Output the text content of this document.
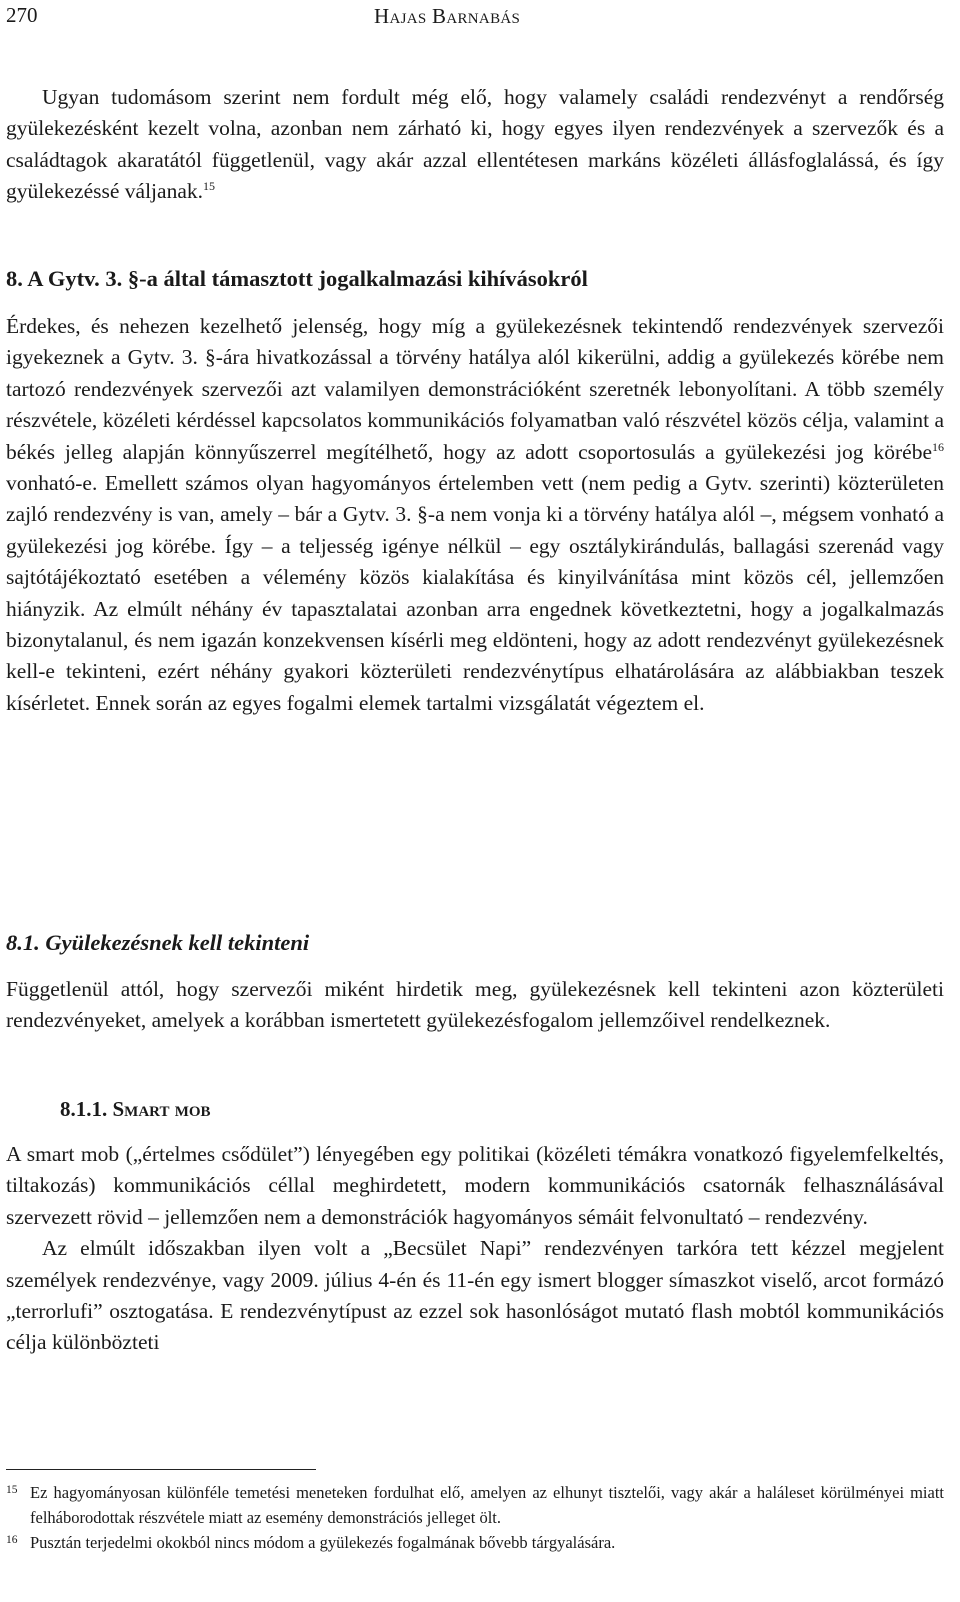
270	Hajas Barnabás

Ugyan tudomásom szerint nem fordult még elő, hogy valamely családi rendezvényt a rendőrség gyülekezésként kezelt volna, azonban nem zárható ki, hogy egyes ilyen rendezvények a szervezők és a családtagok akaratától függetlenül, vagy akár azzal ellentétesen markáns közéleti állásfoglalássá, és így gyülekezéssé váljanak.$^{15}$

8. A Gytv. 3. §-a által támasztott jogalkalmazási kihívásokról

Érdekes, és nehezen kezelhető jelenség, hogy míg a gyülekezésnek tekintendő rendezvények szervezői igyekeznek a Gytv. 3. §-ára hivatkozással a törvény hatálya alól kikerülni, addig a gyülekezés körébe nem tartozó rendezvények szervezői azt valamilyen demonstrációként szeretnék lebonyolítani. A több személy részvétele, közéleti kérdéssel kapcsolatos kommunikációs folyamatban való részvétel közös célja, valamint a békés jelleg alapján könnyűszerrel megítélhető, hogy az adott csoportosulás a gyülekezési jog körébe$^{16}$ vonható-e. Emellett számos olyan hagyományos értelemben vett (nem pedig a Gytv. szerinti) közterületen zajló rendezvény is van, amely – bár a Gytv. 3. §-a nem vonja ki a törvény hatálya alól –, mégsem vonható a gyülekezési jog körébe. Így – a teljesség igénye nélkül – egy osztálykirándulás, ballagási szerenád vagy sajtótájékoztató esetében a vélemény közös kialakítása és kinyilvánítása mint közös cél, jellemzően hiányzik. Az elmúlt néhány év tapasztalatai azonban arra engednek következtetni, hogy a jogalkalmazás bizonytalanul, és nem igazán konzekvensen kísérli meg eldönteni, hogy az adott rendezvényt gyülekezésnek kell-e tekinteni, ezért néhány gyakori közterületi rendezvénytípus elhatárolására az alábbiakban teszek kísérletet. Ennek során az egyes fogalmi elemek tartalmi vizsgálatát végeztem el.

8.1. Gyülekezésnek kell tekinteni

Függetlenül attól, hogy szervezői miként hirdetik meg, gyülekezésnek kell tekinteni azon közterületi rendezvényeket, amelyek a korábban ismertetett gyülekezésfogalom jellemzőivel rendelkeznek.

8.1.1. Smart mob

A smart mob („értelmes csődület”) lényegében egy politikai (közéleti témákra vonatkozó figyelemfelkeltés, tiltakozás) kommunikációs céllal meghirdetett, modern kommunikációs csatornák felhasználásával szervezett rövid – jellemzően nem a demonstrációk hagyományos sémáit felvonultató – rendezvény.

Az elmúlt időszakban ilyen volt a „Becsület Napi” rendezvényen tarkóra tett kézzel megjelent személyek rendezvénye, vagy 2009. július 4-én és 11-én egy ismert blogger símaszkot viselő, arcot formázó „terrorlufi” osztogatása. E rendezvénytípust az ezzel sok hasonlóságot mutató flash mobtól kommunikációs célja különbözteti

15 Ez hagyományosan különféle temetési meneteken fordulhat elő, amelyen az elhunyt tisztelői, vagy akár a haláleset körülményei miatt felháborodottak részvétele miatt az esemény demonstrációs jelleget ölt.

16 Pusztán terjedelmi okokból nincs módom a gyülekezés fogalmának bővebb tárgyalására.
